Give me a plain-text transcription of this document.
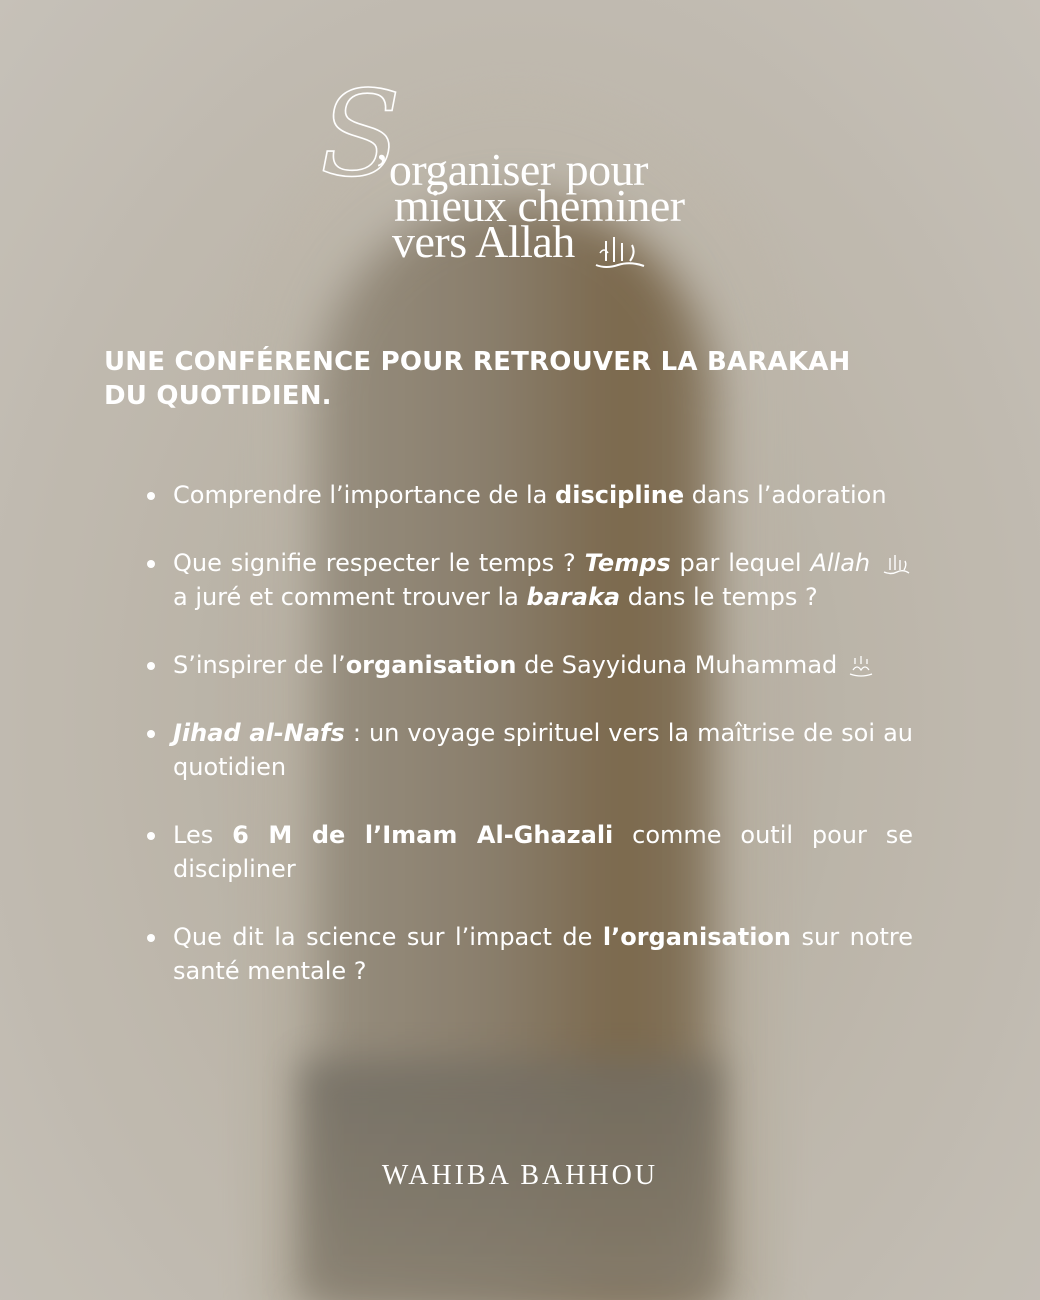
S
’organiser pour
mieux cheminer
vers Allah
UNE CONFÉRENCE POUR RETROUVER LA BARAKAH
DU QUOTIDIEN.
Comprendre l’importance de la discipline dans l’adoration
Que signifie respecter le temps ? Temps par lequel Allah  a juré et comment trouver la baraka dans le temps ?
S’inspirer de l’organisation de Sayyiduna Muhammad
Jihad al-Nafs : un voyage spirituel vers la maîtrise de soi au quotidien
Les 6 M de l’Imam Al-Ghazali comme outil pour se discipliner
Que dit la science sur l’impact de l’organisation sur notre santé mentale ?

WAHIBA BAHHOU
